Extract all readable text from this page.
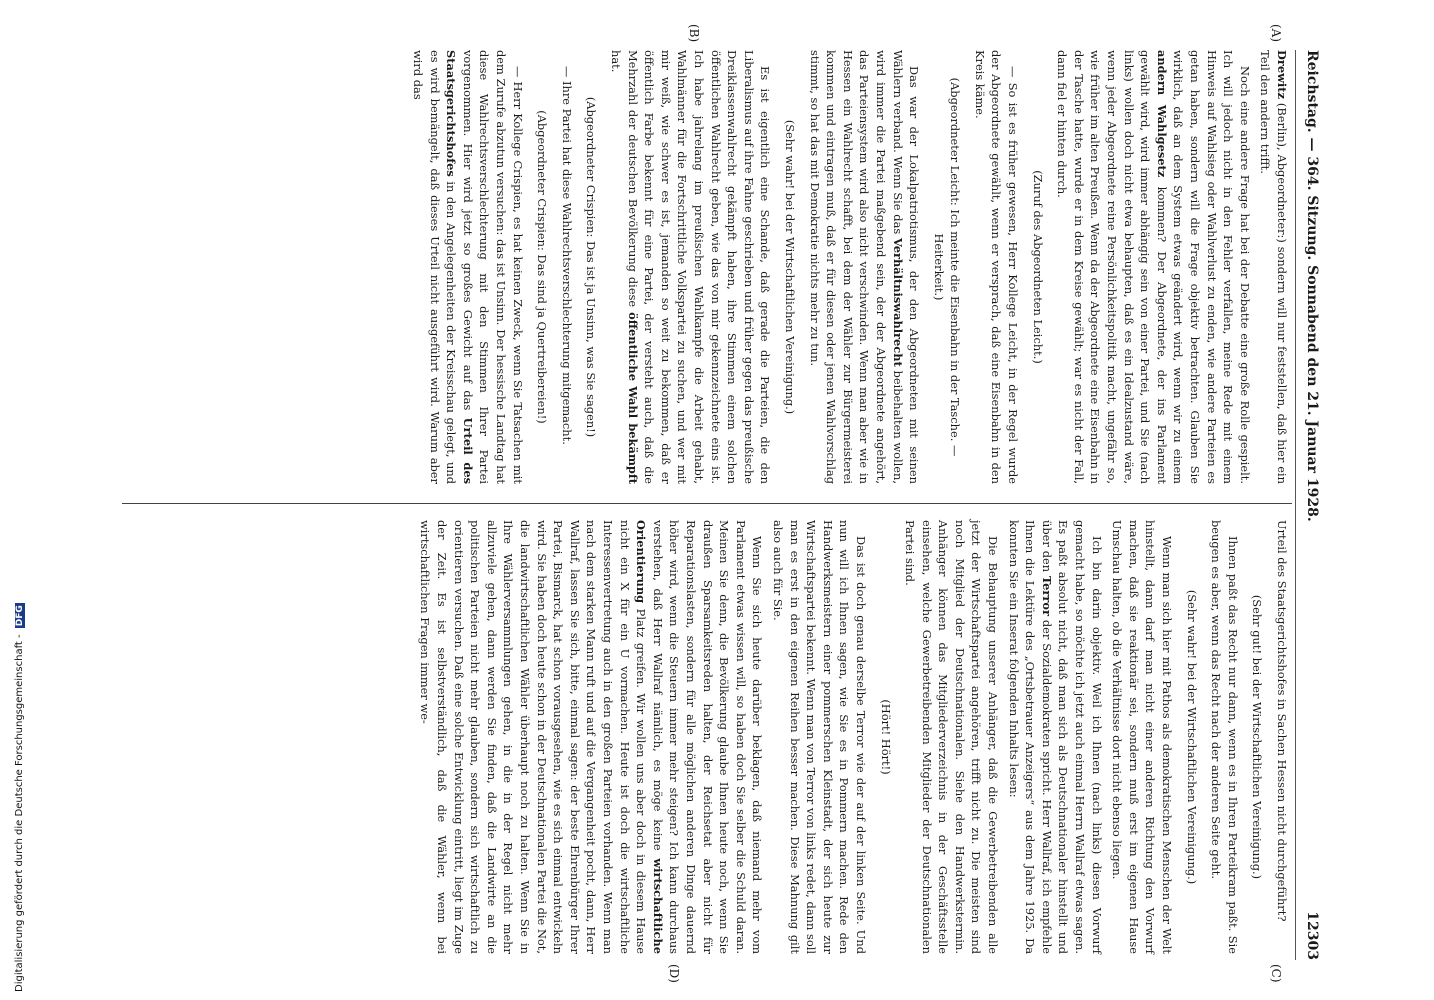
Reichstag. — 364. Sitzung. Sonnabend den 21. Januar 1928.
12303
(A)
(B)
(C)
(D)

Drewitz (Berlin), Abgeordneter:) sondern will nur feststellen, daß hier ein Teil den andern trifft.

Noch eine andere Frage hat bei der Debatte eine große Rolle gespielt. Ich will jedoch nicht in den Fehler verfallen, meine Rede mit einem Hinweis auf Wahlsieg oder Wahlverlust zu enden, wie andere Parteien es getan haben, sondern will die Frage objektiv betrachten. Glauben Sie wirklich, daß an dem System etwas geändert wird, wenn wir zu einem andern Wahlgesetz kommen? Der Abgeordnete, der ins Parlament gewählt wird, wird immer abhängig sein von einer Partei, und Sie (nach links) wollen doch nicht etwa behaupten, daß es ein Idealzustand wäre, wenn jeder Abgeordnete reine Persönlichkeitspolitik macht, ungefähr so, wie früher im alten Preußen. Wenn da der Abgeordnete eine Eisenbahn in der Tasche hatte, wurde er in dem Kreise gewählt; war es nicht der Fall, dann fiel er hinten durch.

(Zuruf des Abgeordneten Leicht.)

— So ist es früher gewesen, Herr Kollege Leicht, in der Regel wurde der Abgeordnete gewählt, wenn er versprach, daß eine Eisenbahn in den Kreis käme.

(Abgeordneter Leicht: Ich meinte die Eisenbahn in der Tasche. — Heiterkeit.)

Das war der Lokalpatriotismus, der den Abgeordneten mit seinen Wählern verband. Wenn Sie das Verhältniswahlrecht beibehalten wollen, wird immer die Partei maßgebend sein, der der Abgeordnete angehört, das Parteiensystem wird also nicht verschwinden. Wenn man aber wie in Hessen ein Wahlrecht schafft, bei dem der Wähler zur Bürgermeisterei kommen und eintragen muß, daß er für diesen oder jenen Wahlvorschlag stimmt, so hat das mit Demokratie nichts mehr zu tun.

(Sehr wahr! bei der Wirtschaftlichen Vereinigung.)

Es ist eigentlich eine Schande, daß gerade die Parteien, die den Liberalismus auf ihre Fahne geschrieben und früher gegen das preußische Dreiklassenwahlrecht gekämpft haben, ihre Stimmen einem solchen öffentlichen Wahlrecht geben, wie das von mir gekennzeichnete eins ist. Ich habe jahrelang im preußischen Wahlkampfe die Arbeit gehabt, Wahlmänner für die Fortschrittliche Volkspartei zu suchen, und wer mit mir weiß, wie schwer es ist, jemanden so weit zu bekommen, daß er öffentlich Farbe bekennt für eine Partei, der versteht auch, daß die Mehrzahl der deutschen Bevölkerung diese öffentliche Wahl bekämpft hat.

(Abgeordneter Crispien: Das ist ja Unsinn, was Sie sagen!)

— Ihre Partei hat diese Wahlrechtsverschlechterung mitgemacht.

(Abgeordneter Crispien: Das sind ja Quertreibereien!)

— Herr Kollege Crispien, es hat keinen Zweck, wenn Sie Tatsachen mit dem Zurufe abzutun versuchen: das ist Unsinn. Der hessische Landtag hat diese Wahlrechtsverschlechterung mit den Stimmen Ihrer Partei vorgenommen. Hier wird jetzt so großes Gewicht auf das Urteil des Staatsgerichtshofes in den Angelegenheiten der Kreisschau gelegt, und es wird bemängelt, daß dieses Urteil nicht ausgeführt wird. Warum aber wird das

Urteil des Staatsgerichtshofes in Sachen Hessen nicht durchgeführt?

(Sehr gut! bei der Wirtschaftlichen Vereinigung.)

Ihnen paßt das Recht nur dann, wenn es in Ihren Parteikram paßt. Sie beugen es aber, wenn das Recht nach der anderen Seite geht.

(Sehr wahr! bei der Wirtschaftlichen Vereinigung.)

Wenn man sich hier mit Pathos als demokratischen Menschen der Welt hinstellt, dann darf man nicht einer anderen Richtung den Vorwurf machen, daß sie reaktionär sei, sondern muß erst im eigenen Hause Umschau halten, ob die Verhältnisse dort nicht ebenso liegen.

Ich bin darin objektiv. Weil ich Ihnen (nach links) diesen Vorwurf gemacht habe, so möchte ich jetzt auch einmal Herrn Wallraf etwas sagen. Es paßt absolut nicht, daß man sich als Deutschnationaler hinstellt und über den Terror der Sozialdemokraten spricht. Herr Wallraf, ich empfehle Ihnen die Lektüre des „Ortsbetrauer Anzeigers“ aus dem Jahre 1925. Da konnten Sie ein Inserat folgenden Inhalts lesen:

Die Behauptung unserer Anhänger, daß die Gewerbetreibenden alle jetzt der Wirtschaftspartei angehören, trifft nicht zu. Die meisten sind noch Mitglied der Deutschnationalen. Siehe den Handwerkstermin. Anhänger können das Mitgliederverzeichnis in der Geschäftsstelle einsehen, welche Gewerbetreibenden Mitglieder der Deutschnationalen Partei sind.

(Hört! Hört!)

Das ist doch genau derselbe Terror wie der auf der linken Seite. Und nun will ich Ihnen sagen, wie Sie es in Pommern machen. Rede den Handwerksmeistern einer pommerschen Kleinstadt, der sich heute zur Wirtschaftspartei bekennt. Wenn man von Terror von links redet, dann soll man es erst in den eigenen Reihen besser machen. Diese Mahnung gilt also auch für Sie.

Wenn Sie sich heute darüber beklagen, daß niemand mehr vom Parlament etwas wissen will, so haben doch Sie selber die Schuld daran. Meinen Sie denn, die Bevölkerung glaube Ihnen heute noch, wenn Sie draußen Sparsamkeitsreden halten, der Reichsetat aber nicht für Reparationslasten, sondern für alle möglichen anderen Dinge dauernd höher wird, wenn die Steuern immer mehr steigen? Ich kann durchaus verstehen, daß Herr Wallraf nämlich, es möge keine wirtschaftliche Orientierung Platz greifen. Wir wollen uns aber doch in diesem Hause nicht ein X für ein U vormachen. Heute ist doch die wirtschaftliche Interessenvertretung auch in den großen Parteien vorhanden. Wenn man nach dem starken Mann ruft und auf die Vergangenheit pocht, dann, Herr Wallraf, lassen Sie sich, bitte, einmal sagen: der beste Ehrenbürger Ihrer Partei, Bismarck, hat schon vorausgesehen, wie es sich einmal entwickeln wird. Sie haben doch heute schon in der Deutschnationalen Partei die Not, die landwirtschaftlichen Wähler überhaupt noch zu halten. Wenn Sie in Ihre Wählerversammlungen gehen, in die in der Regel nicht mehr allzuviele gehen, dann werden Sie finden, daß die Landwirte an die politischen Parteien nicht mehr glauben, sondern sich wirtschaftlich zu orientieren versuchen. Daß eine solche Entwicklung eintritt, liegt im Zuge der Zeit. Es ist selbstverständlich, daß die Wähler, wenn bei wirtschaftlichen Fragen immer we-

Digitalisierung gefördert durch die Deutsche Forschungsgemeinschaft - DFG
